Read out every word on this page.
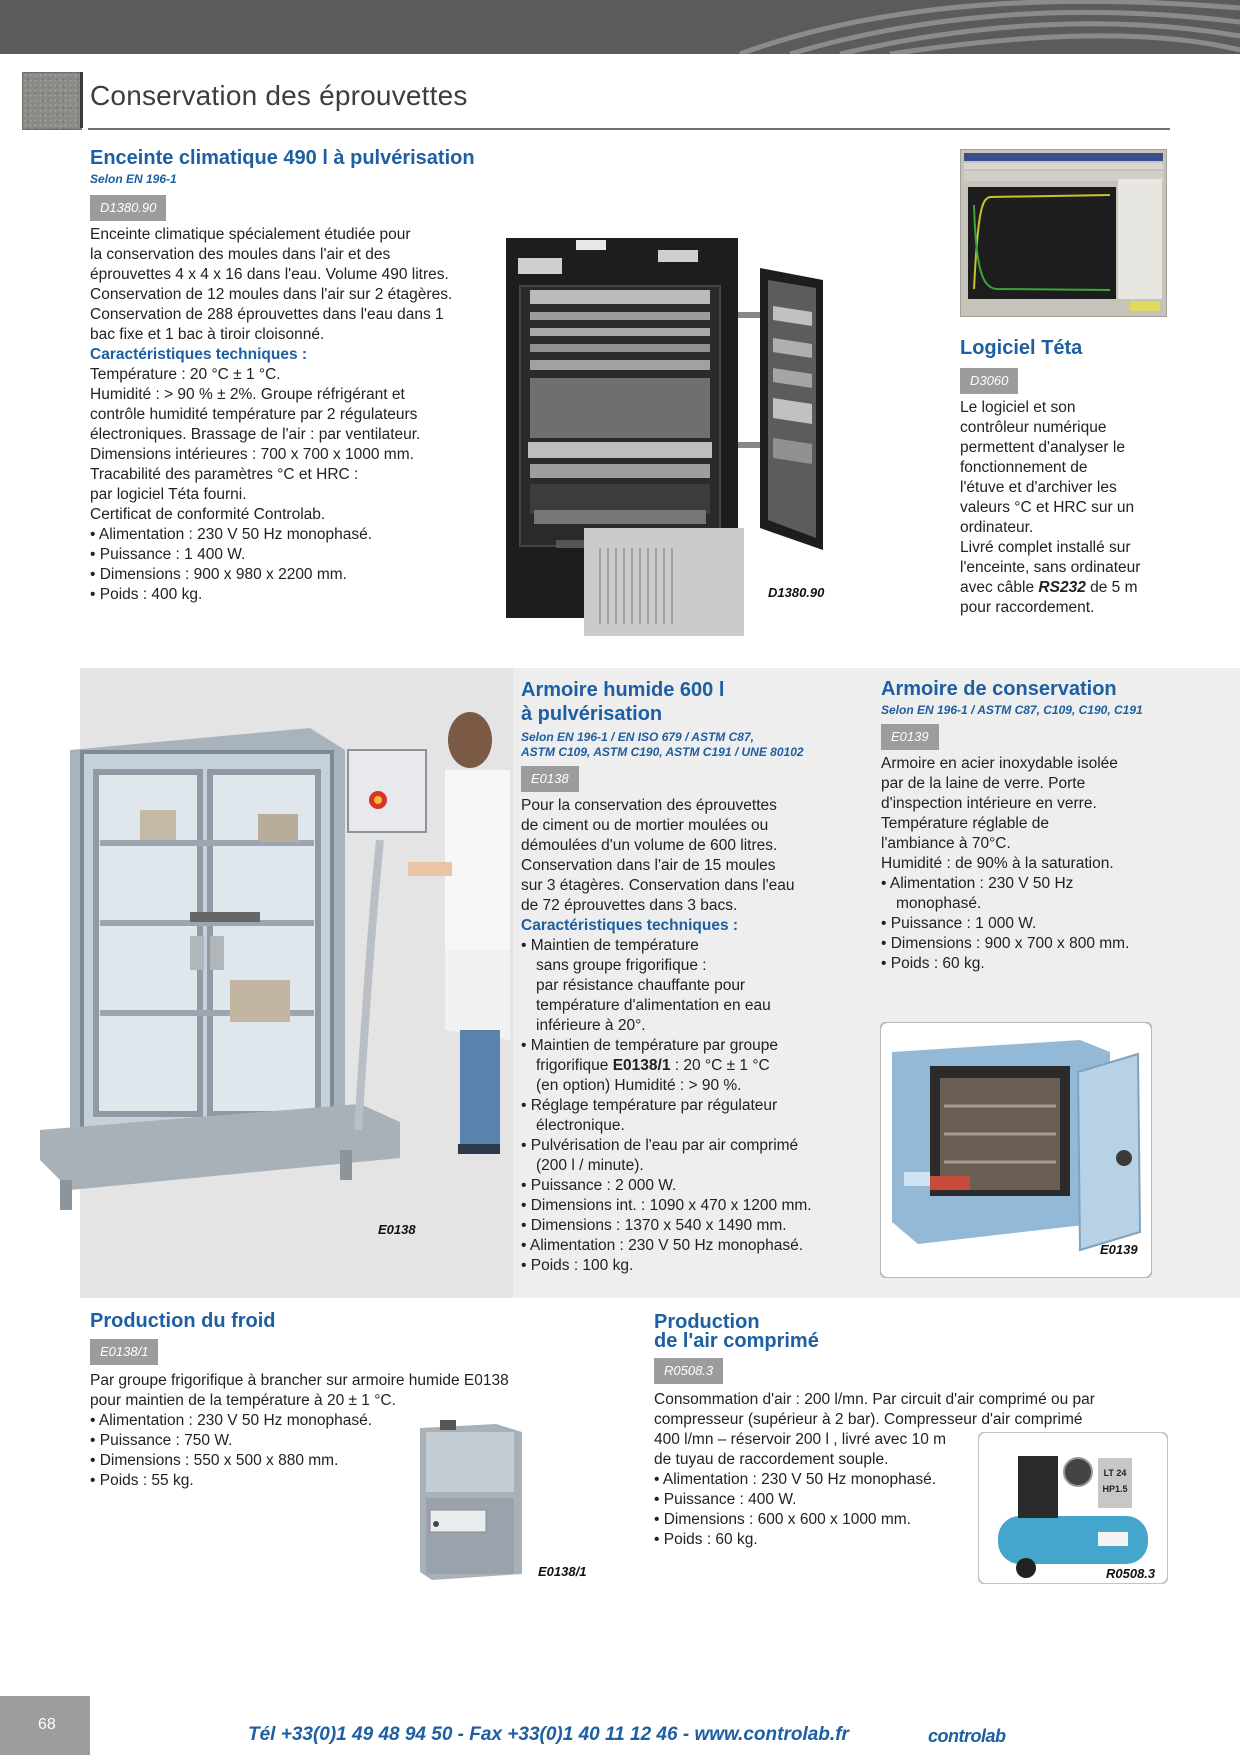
Conservation des éprouvettes
Enceinte climatique 490 l à pulvérisation
Selon EN 196-1
D1380.90

Enceinte climatique spécialement étudiée pour

la conservation des moules dans l'air et des

éprouvettes 4 x 4 x 16 dans l'eau. Volume 490 litres.

Conservation de 12 moules dans l'air sur 2 étagères.

Conservation de 288 éprouvettes dans l'eau dans 1

bac fixe et 1 bac à tiroir cloisonné.

Caractéristiques techniques :

Température : 20 °C ± 1 °C.

Humidité : > 90 % ± 2%. Groupe réfrigérant et

contrôle humidité température par 2 régulateurs

électroniques. Brassage de l'air : par ventilateur.

Dimensions intérieures : 700 x 700 x 1000 mm.

Tracabilité des paramètres °C et HRC :

par logiciel Téta fourni.

Certificat de conformité Controlab.

• Alimentation : 230 V 50 Hz monophasé.
• Puissance : 1 400 W.
• Dimensions : 900 x 980 x 2200 mm.
• Poids : 400 kg.	D1380.90
Logiciel Téta
D3060

Le logiciel et son

contrôleur numérique

permettent d'analyser le

fonctionnement de

l'étuve et d'archiver les

valeurs °C et HRC sur un

ordinateur.

Livré complet installé sur

l'enceinte, sans ordinateur

avec câble RS232 de 5 m

pour raccordement.

E0138
Armoire humide 600 l
à pulvérisation
Selon EN 196-1 / EN ISO 679 / ASTM C87,
ASTM C109, ASTM C190, ASTM C191 / UNE 80102
E0138

Pour la conservation des éprouvettes

de ciment ou de mortier moulées ou

démoulées d'un volume de 600 litres.

Conservation dans l'air de 15 moules

sur 3 étagères. Conservation dans l'eau

de 72 éprouvettes dans 3 bacs.

Caractéristiques techniques :

• Maintien de température
sans groupe frigorifique :
par résistance chauffante pour
température d'alimentation en eau
inférieure à 20°.
• Maintien de température par groupe
frigorifique E0138/1 : 20 °C ± 1 °C
(en option) Humidité : > 90 %.
• Réglage température par régulateur
électronique.
• Pulvérisation de l'eau par air comprimé
(200 l / minute).
• Puissance : 2 000 W.
• Dimensions int. : 1090 x 470 x 1200 mm.
• Dimensions : 1370 x 540 x 1490 mm.
• Alimentation : 230 V 50 Hz monophasé.
• Poids : 100 kg.
Armoire de conservation
Selon EN 196-1 / ASTM C87, C109, C190, C191
E0139

Armoire en acier inoxydable isolée

par de la laine de verre. Porte

d'inspection intérieure en verre.

Température réglable de

l'ambiance à 70°C.

Humidité : de 90% à la saturation.

• Alimentation : 230 V 50 Hz
monophasé.
• Puissance : 1 000 W.
• Dimensions : 900 x 700 x 800 mm.
• Poids : 60 kg.
E0139
Production du froid
E0138/1

Par groupe frigorifique à brancher sur armoire humide E0138

pour maintien de la température à 20 ± 1 °C.

• Alimentation : 230 V 50 Hz monophasé.
• Puissance : 750 W.
• Dimensions : 550 x 500 x 880 mm.
• Poids : 55 kg.
E0138/1
Production
de l'air comprimé
R0508.3

Consommation d'air : 200 l/mn. Par circuit d'air comprimé ou par

compresseur (supérieur à 2 bar). Compresseur d'air comprimé

400 l/mn – réservoir 200 l , livré avec 10 m

de tuyau de raccordement souple.

• Alimentation : 230 V 50 Hz monophasé.
• Puissance : 400 W.
• Dimensions : 600 x 600 x 1000 mm.
• Poids : 60 kg.
LT 24
HP1.5
R0508.3
68	Tél +33(0)1 49 48 94 50 - Fax +33(0)1 40 11 12 46 - www.controlab.fr	controlab
